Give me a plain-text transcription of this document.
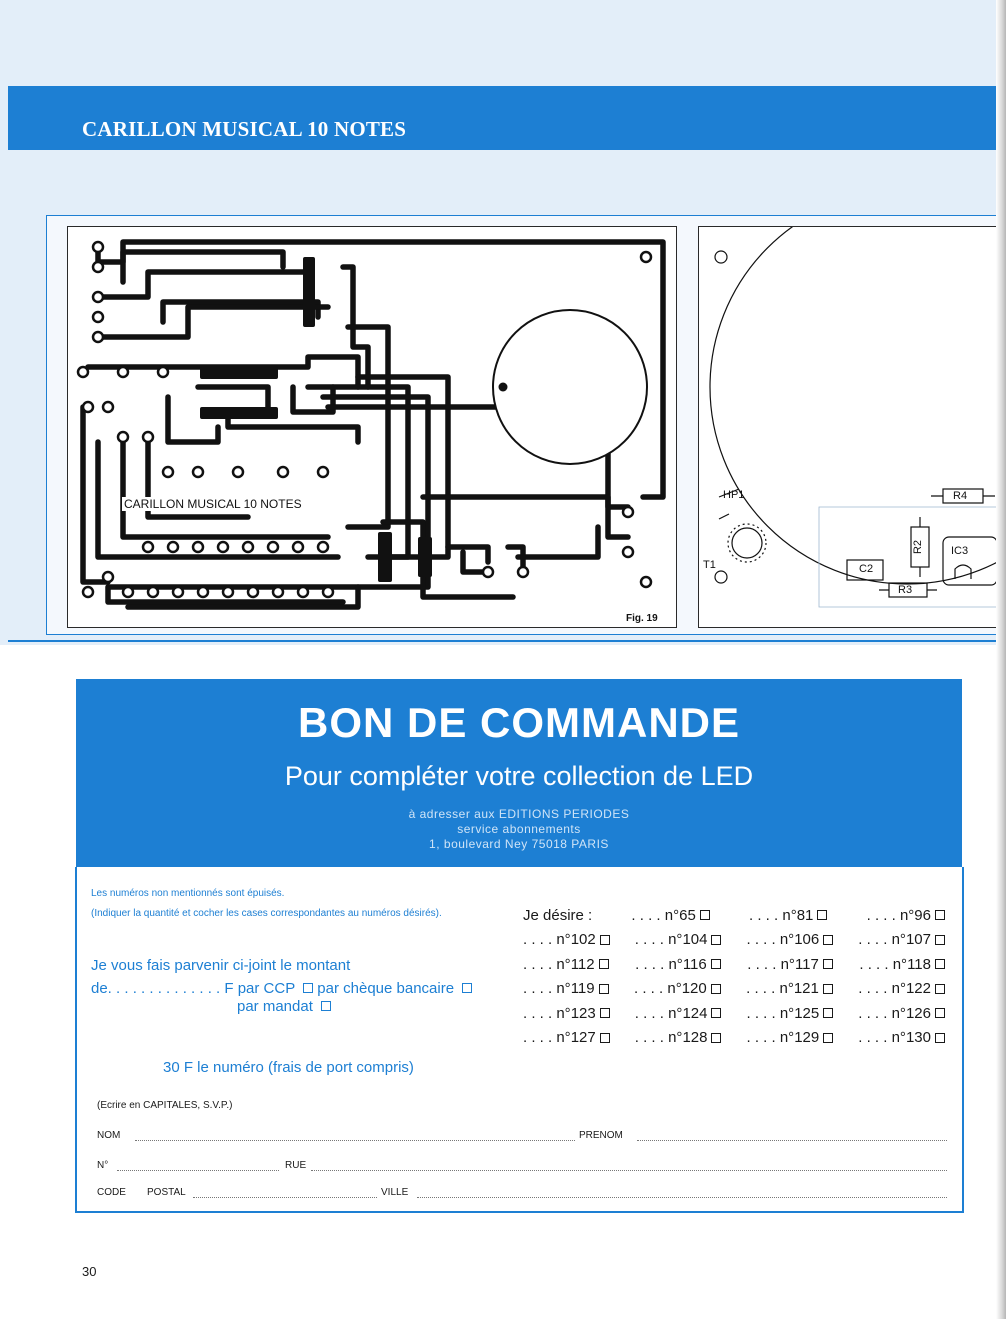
CARILLON MUSICAL 10 NOTES
CARILLON MUSICAL 10 NOTES
Fig. 19
HP1
T1
R4
R2 IC3
C2
R3
BON DE COMMANDE
Pour compléter votre collection de LED
à adresser aux EDITIONS PERIODES
service abonnements
1, boulevard Ney 75018 PARIS
Les numéros non mentionnés sont épuisés.
(Indiquer la quantité et cocher les cases correspondantes au numéros désirés).
Je vous fais parvenir ci-joint le montant
de. . . . . . . . . . . . . . F par CCP par chèque bancaire
par mandat
30 F le numéro (frais de port compris)
Je désire :	. . . . n° 65	. . . . n° 81	. . . . n° 96
. . . . n° 102	. . . . n° 104	. . . . n° 106	. . . . n° 107
. . . . n° 112	. . . . n° 116	. . . . n° 117	. . . . n° 118
. . . . n° 119	. . . . n° 120	. . . . n° 121	. . . . n° 122
. . . . n° 123	. . . . n° 124	. . . . n° 125	. . . . n° 126
. . . . n° 127	. . . . n° 128	. . . . n° 129	. . . . n° 130
(Ecrire en CAPITALES, S.V.P.)
NOM	PRENOM
N°	RUE
CODE POSTAL	VILLE
30
